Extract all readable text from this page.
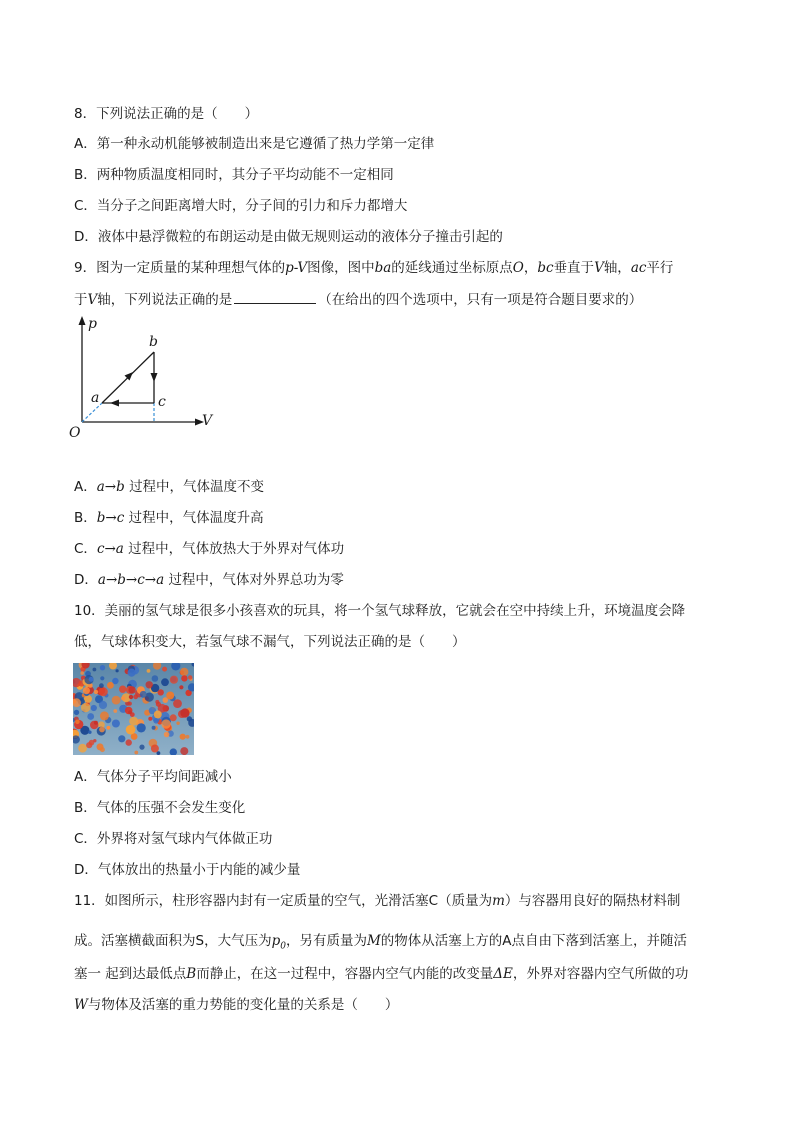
8．下列说法正确的是（　　）
A．第一种永动机能够被制造出来是它遵循了热力学第一定律
B．两种物质温度相同时，其分子平均动能不一定相同
C．当分子之间距离增大时，分子间的引力和斥力都增大
D．液体中悬浮微粒的布朗运动是由做无规则运动的液体分子撞击引起的
9．图为一定质量的某种理想气体的p-V图像，图中ba的延线通过坐标原点O，bc垂直于V轴，ac平行
于V轴，下列说法正确的是	（在给出的四个选项中，只有一项是符合题目要求的）
p
V
O
a
b
c
A．a→b 过程中，气体温度不变
B．b→c 过程中，气体温度升高
C．c→a 过程中，气体放热大于外界对气体功
D．a→b→c→a 过程中，气体对外界总功为零
10．美丽的氢气球是很多小孩喜欢的玩具，将一个氢气球释放，它就会在空中持续上升，环境温度会降
低，气球体积变大，若氢气球不漏气，下列说法正确的是（　　）
A．气体分子平均间距减小
B．气体的压强不会发生变化
C．外界将对氢气球内气体做正功
D．气体放出的热量小于内能的减少量
11．如图所示，柱形容器内封有一定质量的空气，光滑活塞C（质量为m）与容器用良好的隔热材料制
成。活塞横截面积为S，大气压为$p_0$，另有质量为M的物体从活塞上方的A点自由下落到活塞上，并随活
塞一 起到达最低点B而静止，在这一过程中，容器内空气内能的改变量ΔE，外界对容器内空气所做的功
W与物体及活塞的重力势能的变化量的关系是（　　）
